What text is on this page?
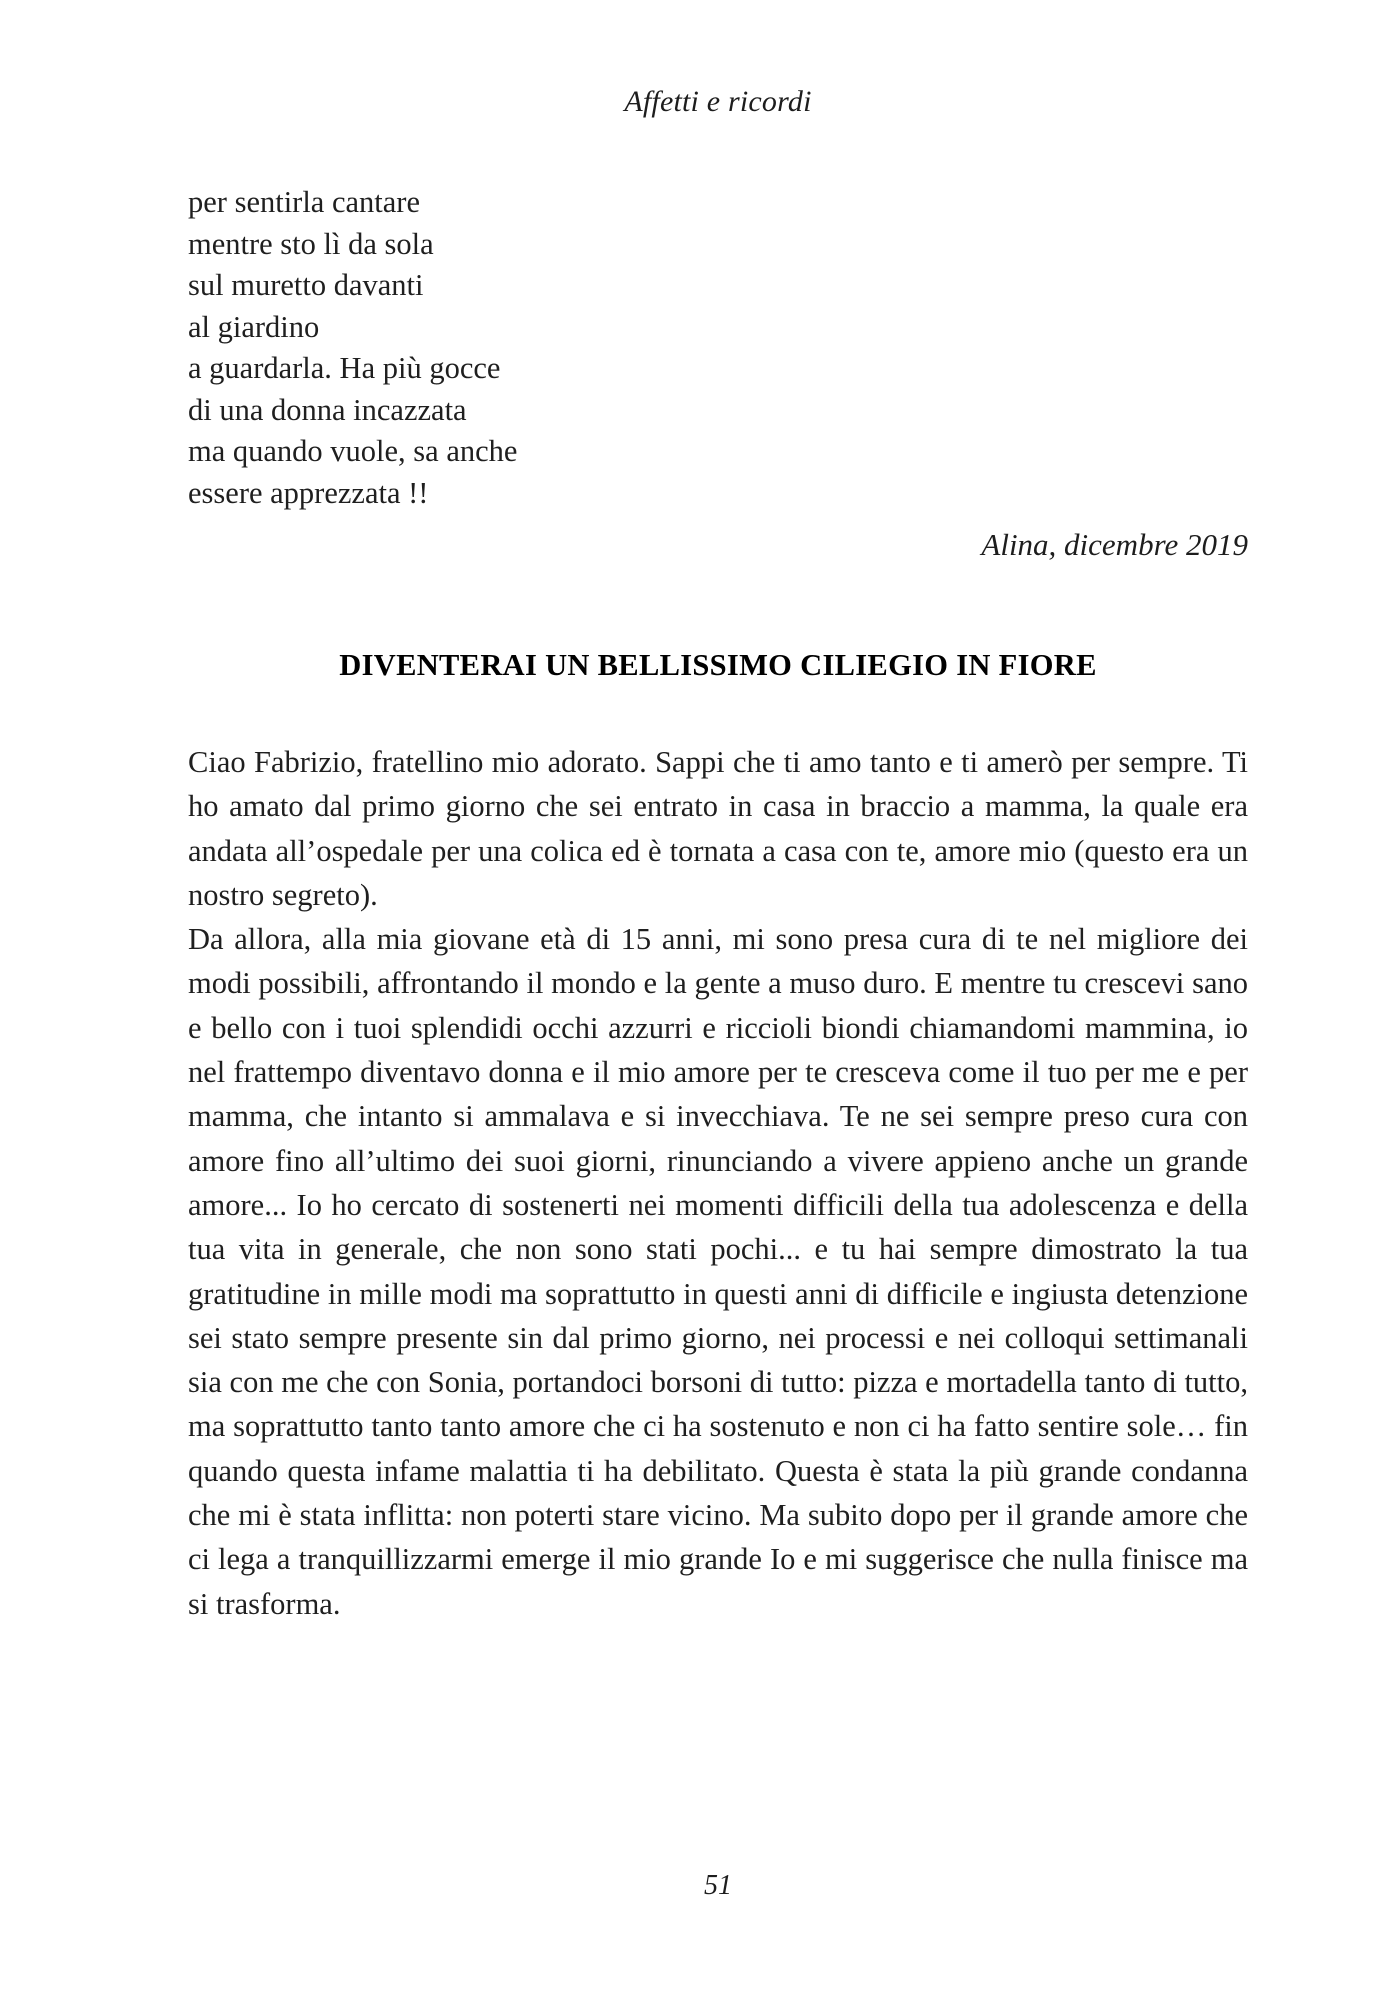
Affetti e ricordi
per sentirla cantare
mentre sto lì da sola
sul muretto davanti
al giardino
a guardarla. Ha più gocce
di una donna incazzata
ma quando vuole, sa anche
essere apprezzata !!
Alina, dicembre 2019
DIVENTERAI UN BELLISSIMO CILIEGIO IN FIORE

Ciao Fabrizio, fratellino mio adorato. Sappi che ti amo tanto e ti amerò per sempre. Ti ho amato dal primo giorno che sei entrato in casa in braccio a mamma, la quale era andata all’ospedale per una colica ed è tornata a casa con te, amore mio (questo era un nostro segreto).

Da allora, alla mia giovane età di 15 anni, mi sono presa cura di te nel migliore dei modi possibili, affrontando il mondo e la gente a muso duro. E mentre tu crescevi sano e bello con i tuoi splendidi occhi azzurri e riccioli biondi chiamandomi mammina, io nel frattempo diventavo donna e il mio amore per te cresceva come il tuo per me e per mamma, che intanto si ammalava e si invecchiava. Te ne sei sempre preso cura con amore fino all’ultimo dei suoi giorni, rinunciando a vivere appieno anche un grande amore... Io ho cercato di sostenerti nei momenti difficili della tua adolescenza e della tua vita in generale, che non sono stati pochi... e tu hai sempre dimostrato la tua gratitudine in mille modi ma soprattutto in questi anni di difficile e ingiusta detenzione sei stato sempre presente sin dal primo giorno, nei processi e nei colloqui settimanali sia con me che con Sonia, portandoci borsoni di tutto: pizza e mortadella tanto di tutto, ma soprattutto tanto tanto amore che ci ha sostenuto e non ci ha fatto sentire sole… fin quando questa infame malattia ti ha debilitato. Questa è stata la più grande condanna che mi è stata inflitta: non poterti stare vicino. Ma subito dopo per il grande amore che ci lega a tranquillizzarmi emerge il mio grande Io e mi suggerisce che nulla finisce ma si trasforma.

51
